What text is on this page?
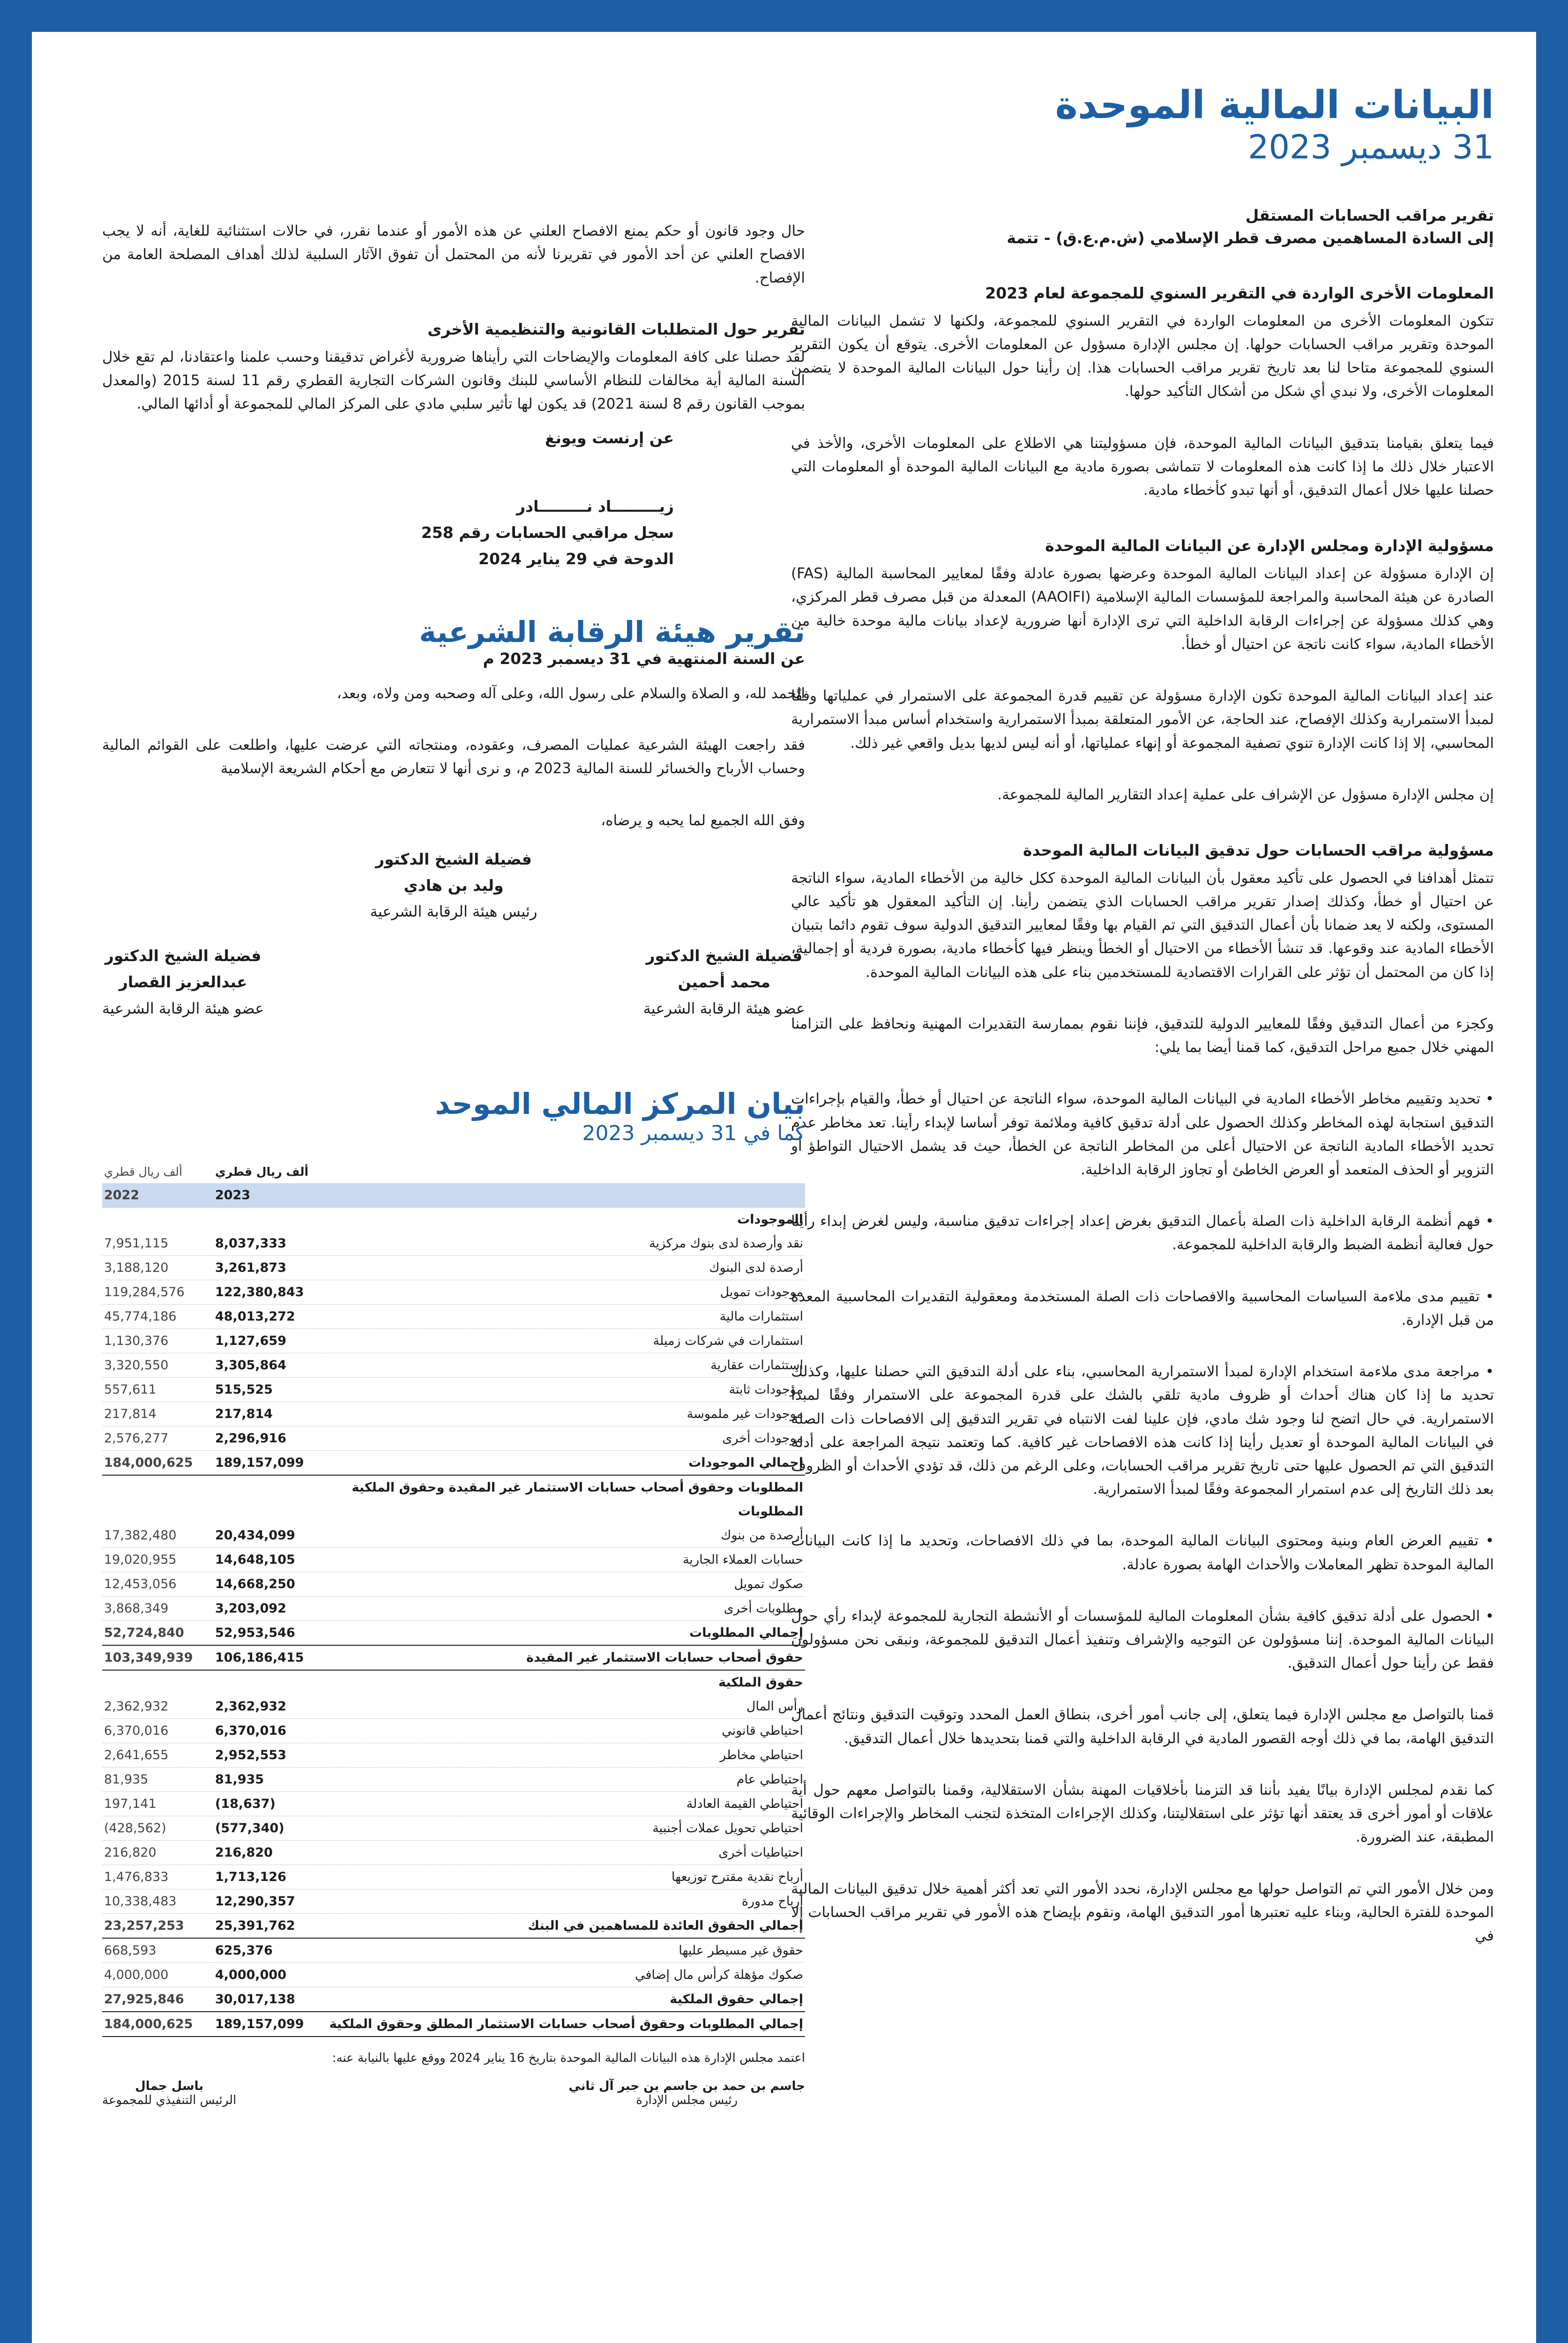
البيانات المالية الموحدة
31 ديسمبر 2023
تقرير مراقب الحسابات المستقل
إلى السادة المساهمين مصرف قطر الإسلامي (ش.م.ع.ق) - تتمة
المعلومات الأخرى الواردة في التقرير السنوي للمجموعة لعام 2023

تتكون المعلومات الأخرى من المعلومات الواردة في التقرير السنوي للمجموعة، ولكنها لا تشمل البيانات المالية الموحدة وتقرير مراقب الحسابات حولها. إن مجلس الإدارة مسؤول عن المعلومات الأخرى. يتوقع أن يكون التقرير السنوي للمجموعة متاحا لنا بعد تاريخ تقرير مراقب الحسابات هذا. إن رأينا حول البيانات المالية الموحدة لا يتضمن المعلومات الأخرى، ولا نبدي أي شكل من أشكال التأكيد حولها.

فيما يتعلق بقيامنا بتدقيق البيانات المالية الموحدة، فإن مسؤوليتنا هي الاطلاع على المعلومات الأخرى، والأخذ في الاعتبار خلال ذلك ما إذا كانت هذه المعلومات لا تتماشى بصورة مادية مع البيانات المالية الموحدة أو المعلومات التي حصلنا عليها خلال أعمال التدقيق، أو أنها تبدو كأخطاء مادية.

مسؤولية الإدارة ومجلس الإدارة عن البيانات المالية الموحدة

إن الإدارة مسؤولة عن إعداد البيانات المالية الموحدة وعرضها بصورة عادلة وفقًا لمعايير المحاسبة المالية (FAS) الصادرة عن هيئة المحاسبة والمراجعة للمؤسسات المالية الإسلامية (AAOIFI) المعدلة من قبل مصرف قطر المركزي، وهي كذلك مسؤولة عن إجراءات الرقابة الداخلية التي ترى الإدارة أنها ضرورية لإعداد بيانات مالية موحدة خالية من الأخطاء المادية، سواء كانت ناتجة عن احتيال أو خطأ.

عند إعداد البيانات المالية الموحدة تكون الإدارة مسؤولة عن تقييم قدرة المجموعة على الاستمرار في عملياتها وفقًا لمبدأ الاستمرارية وكذلك الإفصاح، عند الحاجة، عن الأمور المتعلقة بمبدأ الاستمرارية واستخدام أساس مبدأ الاستمرارية المحاسبي، إلا إذا كانت الإدارة تنوي تصفية المجموعة أو إنهاء عملياتها، أو أنه ليس لديها بديل واقعي غير ذلك.

إن مجلس الإدارة مسؤول عن الإشراف على عملية إعداد التقارير المالية للمجموعة.

مسؤولية مراقب الحسابات حول تدقيق البيانات المالية الموحدة

تتمثل أهدافنا في الحصول على تأكيد معقول بأن البيانات المالية الموحدة ككل خالية من الأخطاء المادية، سواء الناتجة عن احتيال أو خطأ، وكذلك إصدار تقرير مراقب الحسابات الذي يتضمن رأينا. إن التأكيد المعقول هو تأكيد عالي المستوى، ولكنه لا يعد ضمانا بأن أعمال التدقيق التي تم القيام بها وفقًا لمعايير التدقيق الدولية سوف تقوم دائما بتبيان الأخطاء المادية عند وقوعها. قد تنشأ الأخطاء من الاحتيال أو الخطأ وينظر فيها كأخطاء مادية، بصورة فردية أو إجمالية، إذا كان من المحتمل أن تؤثر على القرارات الاقتصادية للمستخدمين بناء على هذه البيانات المالية الموحدة.

وكجزء من أعمال التدقيق وفقًا للمعايير الدولية للتدقيق، فإننا نقوم بممارسة التقديرات المهنية ونحافظ على التزامنا المهني خلال جميع مراحل التدقيق، كما قمنا أيضا بما يلي:

• تحديد وتقييم مخاطر الأخطاء المادية في البيانات المالية الموحدة، سواء الناتجة عن احتيال أو خطأ، والقيام بإجراءات التدقيق استجابة لهذه المخاطر وكذلك الحصول على أدلة تدقيق كافية وملائمة توفر أساسا لإبداء رأينا. تعد مخاطر عدم تحديد الأخطاء المادية الناتجة عن الاحتيال أعلى من المخاطر الناتجة عن الخطأ، حيث قد يشمل الاحتيال التواطؤ أو التزوير أو الحذف المتعمد أو العرض الخاطئ أو تجاوز الرقابة الداخلية.

• فهم أنظمة الرقابة الداخلية ذات الصلة بأعمال التدقيق بغرض إعداد إجراءات تدقيق مناسبة، وليس لغرض إبداء رأينا حول فعالية أنظمة الضبط والرقابة الداخلية للمجموعة.

• تقييم مدى ملاءمة السياسات المحاسبية والافصاحات ذات الصلة المستخدمة ومعقولية التقديرات المحاسبية المعدة من قبل الإدارة.

• مراجعة مدى ملاءمة استخدام الإدارة لمبدأ الاستمرارية المحاسبي، بناء على أدلة التدقيق التي حصلنا عليها، وكذلك تحديد ما إذا كان هناك أحداث أو ظروف مادية تلقي بالشك على قدرة المجموعة على الاستمرار وفقًا لمبدأ الاستمرارية. في حال اتضح لنا وجود شك مادي، فإن علينا لفت الانتباه في تقرير التدقيق إلى الافصاحات ذات الصلة في البيانات المالية الموحدة أو تعديل رأينا إذا كانت هذه الافصاحات غير كافية. كما وتعتمد نتيجة المراجعة على أدلة التدقيق التي تم الحصول عليها حتى تاريخ تقرير مراقب الحسابات، وعلى الرغم من ذلك، قد تؤدي الأحداث أو الظروف بعد ذلك التاريخ إلى عدم استمرار المجموعة وفقًا لمبدأ الاستمرارية.

• تقييم العرض العام وبنية ومحتوى البيانات المالية الموحدة، بما في ذلك الافصاحات، وتحديد ما إذا كانت البيانات المالية الموحدة تظهر المعاملات والأحداث الهامة بصورة عادلة.

• الحصول على أدلة تدقيق كافية بشأن المعلومات المالية للمؤسسات أو الأنشطة التجارية للمجموعة لإبداء رأي حول البيانات المالية الموحدة. إننا مسؤولون عن التوجيه والإشراف وتنفيذ أعمال التدقيق للمجموعة، ونبقى نحن مسؤولون فقط عن رأينا حول أعمال التدقيق.

قمنا بالتواصل مع مجلس الإدارة فيما يتعلق، إلى جانب أمور أخرى، بنطاق العمل المحدد وتوقيت التدقيق ونتائج أعمال التدقيق الهامة، بما في ذلك أوجه القصور المادية في الرقابة الداخلية والتي قمنا بتحديدها خلال أعمال التدقيق.

كما نقدم لمجلس الإدارة بيانًا يفيد بأننا قد التزمنا بأخلاقيات المهنة بشأن الاستقلالية، وقمنا بالتواصل معهم حول أية علاقات أو أمور أخرى قد يعتقد أنها تؤثر على استقلاليتنا، وكذلك الإجراءات المتخذة لتجنب المخاطر والإجراءات الوقائية المطبقة، عند الضرورة.

ومن خلال الأمور التي تم التواصل حولها مع مجلس الإدارة، نحدد الأمور التي تعد أكثر أهمية خلال تدقيق البيانات المالية الموحدة للفترة الحالية، وبناء عليه تعتبرها أمور التدقيق الهامة، ونقوم بإيضاح هذه الأمور في تقرير مراقب الحسابات إلا في

حال وجود قانون أو حكم يمنع الافصاح العلني عن هذه الأمور أو عندما نقرر، في حالات استثنائية للغاية، أنه لا يجب الافصاح العلني عن أحد الأمور في تقريرنا لأنه من المحتمل أن تفوق الآثار السلبية لذلك أهداف المصلحة العامة من الإفصاح.

تقرير حول المتطلبات القانونية والتنظيمية الأخرى

لقد حصلنا على كافة المعلومات والإيضاحات التي رأيناها ضرورية لأغراض تدقيقنا وحسب علمنا واعتقادنا، لم تقع خلال السنة المالية أية مخالفات للنظام الأساسي للبنك وقانون الشركات التجارية القطري رقم 11 لسنة 2015 (والمعدل بموجب القانون رقم 8 لسنة 2021) قد يكون لها تأثير سلبي مادي على المركز المالي للمجموعة أو أدائها المالي.

عن إرنست ويونغ
زيـــــــــاد نـــــــــادر
سجل مراقبي الحسابات رقم 258
الدوحة في 29 يناير 2024
تقرير هيئة الرقابة الشرعية
عن السنة المنتهية في 31 ديسمبر 2023 م

الحمد لله، و الصلاة والسلام على رسول الله، وعلى آله وصحبه ومن ولاه، وبعد،

فقد راجعت الهيئة الشرعية عمليات المصرف، وعقوده، ومنتجاته التي عرضت عليها، واطلعت على القوائم المالية وحساب الأرباح والخسائر للسنة المالية 2023 م، و نرى أنها لا تتعارض مع أحكام الشريعة الإسلامية

وفق الله الجميع لما يحبه و يرضاه،

فضيلة الشيخ الدكتور
وليد بن هادي
رئيس هيئة الرقابة الشرعية
فضيلة الشيخ الدكتور
محمد أحمين
عضو هيئة الرقابة الشرعية
فضيلة الشيخ الدكتور
عبدالعزيز القصار
عضو هيئة الرقابة الشرعية
بيان المركز المالي الموحد
كما في 31 ديسمبر 2023
	ألف ريال قطري	ألف ريال قطري
	2023	2022
الموجودات		
نقد وأرصدة لدى بنوك مركزية	8,037,333	7,951,115
أرصدة لدى البنوك	3,261,873	3,188,120
موجودات تمويل	122,380,843	119,284,576
استثمارات مالية	48,013,272	45,774,186
استثمارات في شركات زميلة	1,127,659	1,130,376
استثمارات عقارية	3,305,864	3,320,550
موجودات ثابتة	515,525	557,611
موجودات غير ملموسة	217,814	217,814
موجودات أخرى	2,296,916	2,576,277
إجمالي الموجودات	189,157,099	184,000,625
المطلوبات وحقوق أصحاب حسابات الاستثمار غير المقيدة وحقوق الملكية		
المطلوبات		
أرصدة من بنوك	20,434,099	17,382,480
حسابات العملاء الجارية	14,648,105	19,020,955
صكوك تمويل	14,668,250	12,453,056
مطلوبات أخرى	3,203,092	3,868,349
إجمالي المطلوبات	52,953,546	52,724,840
حقوق أصحاب حسابات الاستثمار غير المقيدة	106,186,415	103,349,939
حقوق الملكية		
رأس المال	2,362,932	2,362,932
احتياطي قانوني	6,370,016	6,370,016
احتياطي مخاطر	2,952,553	2,641,655
احتياطي عام	81,935	81,935
احتياطي القيمة العادلة	(18,637)	197,141
احتياطي تحويل عملات أجنبية	(577,340)	(428,562)
احتياطيات أخرى	216,820	216,820
أرباح نقدية مقترح توزيعها	1,713,126	1,476,833
أرباح مدورة	12,290,357	10,338,483
إجمالي الحقوق العائدة للمساهمين في البنك	25,391,762	23,257,253
حقوق غير مسيطر عليها	625,376	668,593
صكوك مؤهلة كرأس مال إضافي	4,000,000	4,000,000
إجمالي حقوق الملكية	30,017,138	27,925,846
إجمالي المطلوبات وحقوق أصحاب حسابات الاستثمار المطلق وحقوق الملكية	189,157,099	184,000,625
اعتمد مجلس الإدارة هذه البيانات المالية الموحدة بتاريخ 16 يناير 2024 ووقع عليها بالنيابة عنه:
جاسم بن حمد بن جاسم بن جبر آل ثاني
رئيس مجلس الإدارة
باسل جمال
الرئيس التنفيذي للمجموعة
